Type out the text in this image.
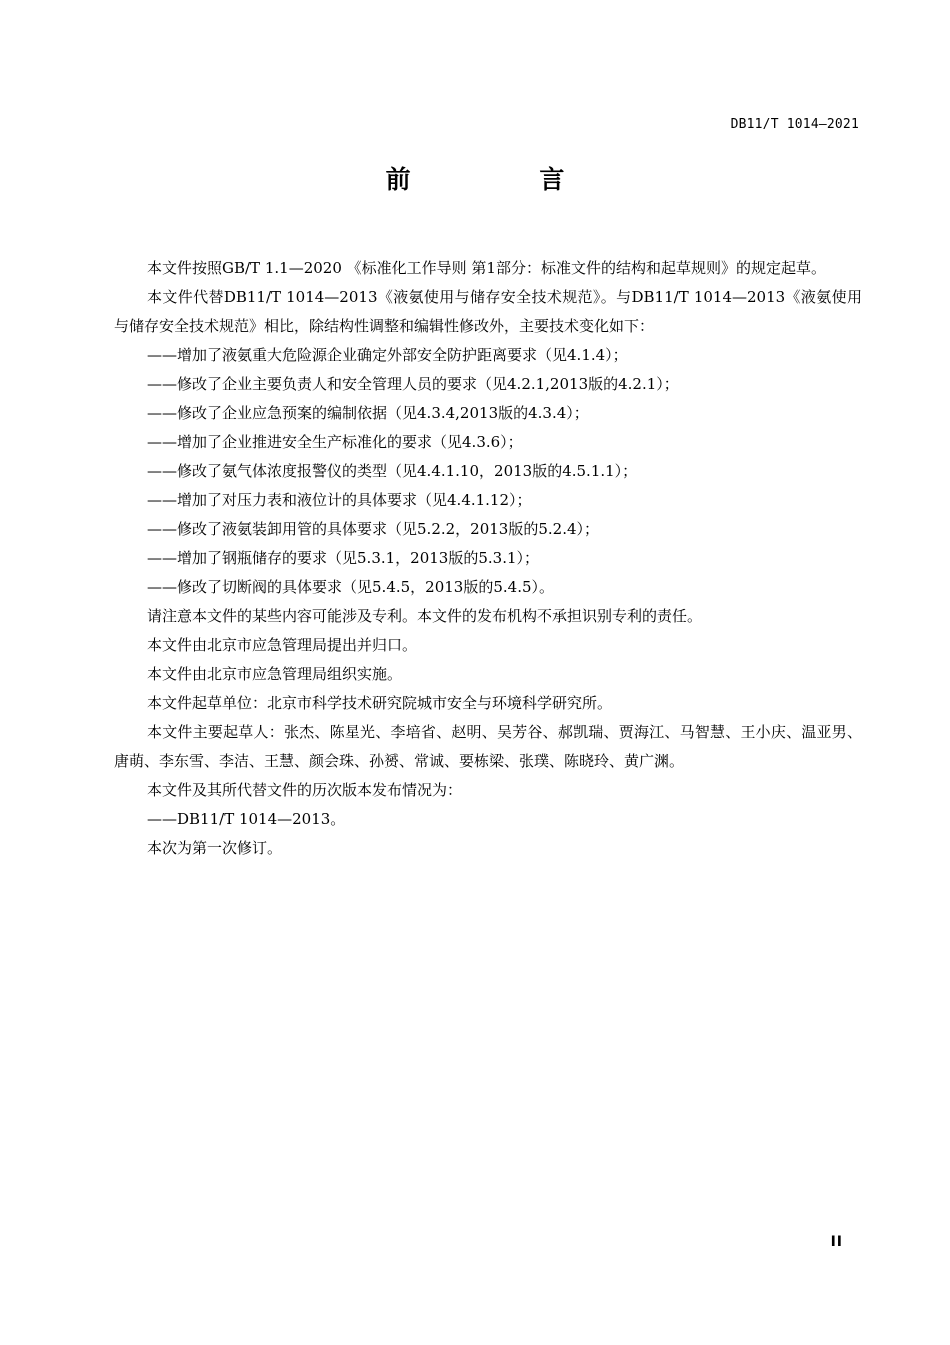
DB11/T 1014—2021
前 言

本文件按照GB/T 1.1—2020 《标准化工作导则 第1部分：标准文件的结构和起草规则》的规定起草。

本文件代替DB11/T 1014—2013《液氨使用与储存安全技术规范》。与DB11/T 1014—2013《液氨使用与储存安全技术规范》相比，除结构性调整和编辑性修改外，主要技术变化如下：

——增加了液氨重大危险源企业确定外部安全防护距离要求（见4.1.4）；

——修改了企业主要负责人和安全管理人员的要求（见4.2.1,2013版的4.2.1）；

——修改了企业应急预案的编制依据（见4.3.4,2013版的4.3.4）；

——增加了企业推进安全生产标准化的要求（见4.3.6）；

——修改了氨气体浓度报警仪的类型（见4.4.1.10，2013版的4.5.1.1）；

——增加了对压力表和液位计的具体要求（见4.4.1.12）；

——修改了液氨装卸用管的具体要求（见5.2.2，2013版的5.2.4）；

——增加了钢瓶储存的要求（见5.3.1，2013版的5.3.1）；

——修改了切断阀的具体要求（见5.4.5，2013版的5.4.5）。

请注意本文件的某些内容可能涉及专利。本文件的发布机构不承担识别专利的责任。

本文件由北京市应急管理局提出并归口。

本文件由北京市应急管理局组织实施。

本文件起草单位：北京市科学技术研究院城市安全与环境科学研究所。

本文件主要起草人：张杰、陈星光、李培省、赵明、吴芳谷、郝凯瑞、贾海江、马智慧、王小庆、温亚男、唐萌、李东雪、李洁、王慧、颜会珠、孙赟、常诚、要栋梁、张璞、陈晓玲、黄广渊。

本文件及其所代替文件的历次版本发布情况为：

——DB11/T 1014—2013。

本次为第一次修订。

II
